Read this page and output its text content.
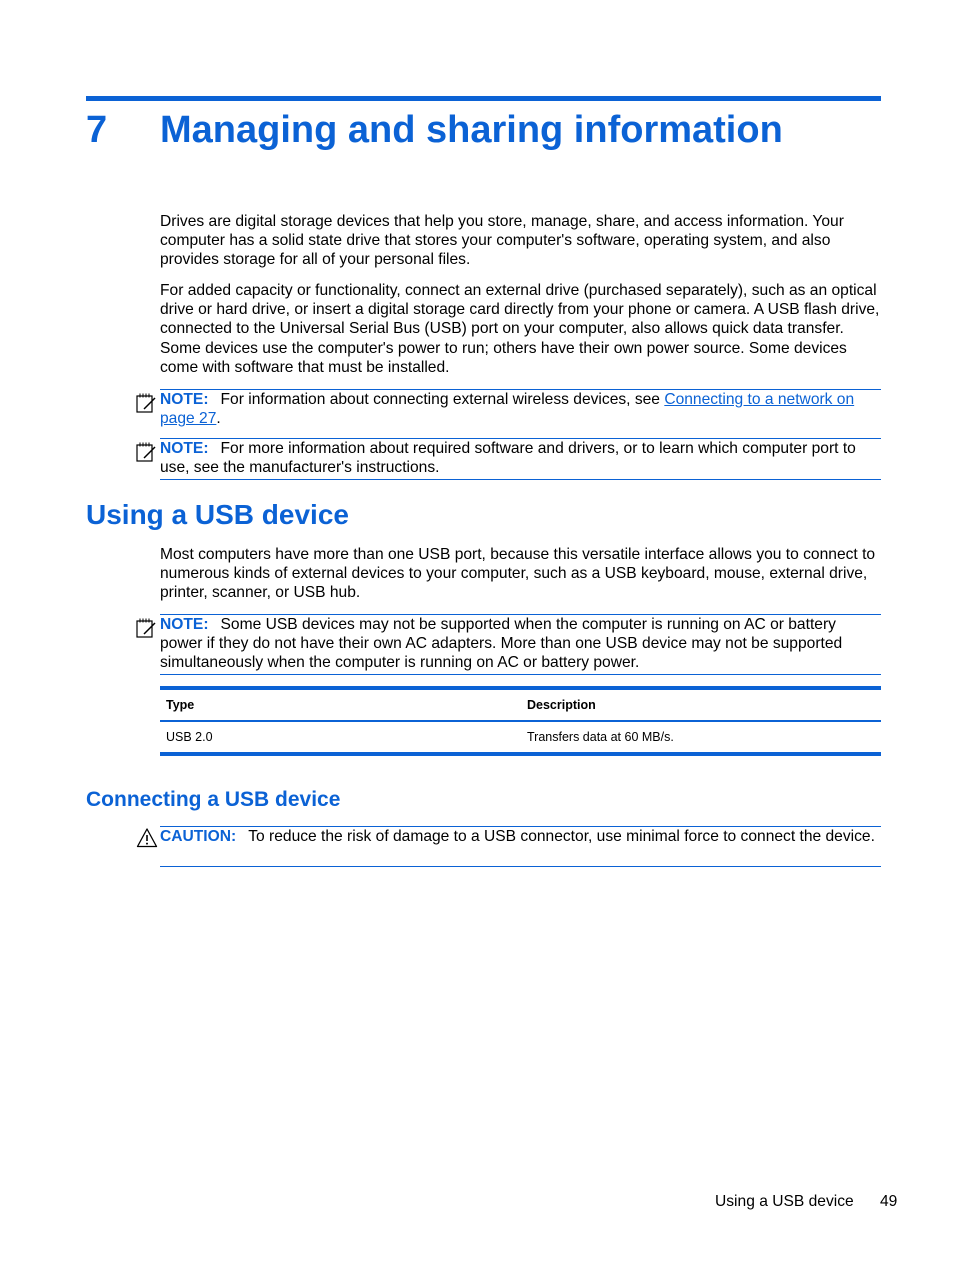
7 Managing and sharing information

Drives are digital storage devices that help you store, manage, share, and access information. Your computer has a solid state drive that stores your computer's software, operating system, and also provides storage for all of your personal files.

For added capacity or functionality, connect an external drive (purchased separately), such as an optical drive or hard drive, or insert a digital storage card directly from your phone or camera. A USB flash drive, connected to the Universal Serial Bus (USB) port on your computer, also allows quick data transfer. Some devices use the computer's power to run; others have their own power source. Some devices come with software that must be installed.

NOTE: For information about connecting external wireless devices, see Connecting to a network on page 27.
NOTE: For more information about required software and drivers, or to learn which computer port to use, see the manufacturer's instructions.
Using a USB device

Most computers have more than one USB port, because this versatile interface allows you to connect to numerous kinds of external devices to your computer, such as a USB keyboard, mouse, external drive, printer, scanner, or USB hub.

NOTE: Some USB devices may not be supported when the computer is running on AC or battery power if they do not have their own AC adapters. More than one USB device may not be supported simultaneously when the computer is running on AC or battery power.
Type	Description
USB 2.0	Transfers data at 60 MB/s.
Connecting a USB device
CAUTION: To reduce the risk of damage to a USB connector, use minimal force to connect the device.
Using a USB device 49
